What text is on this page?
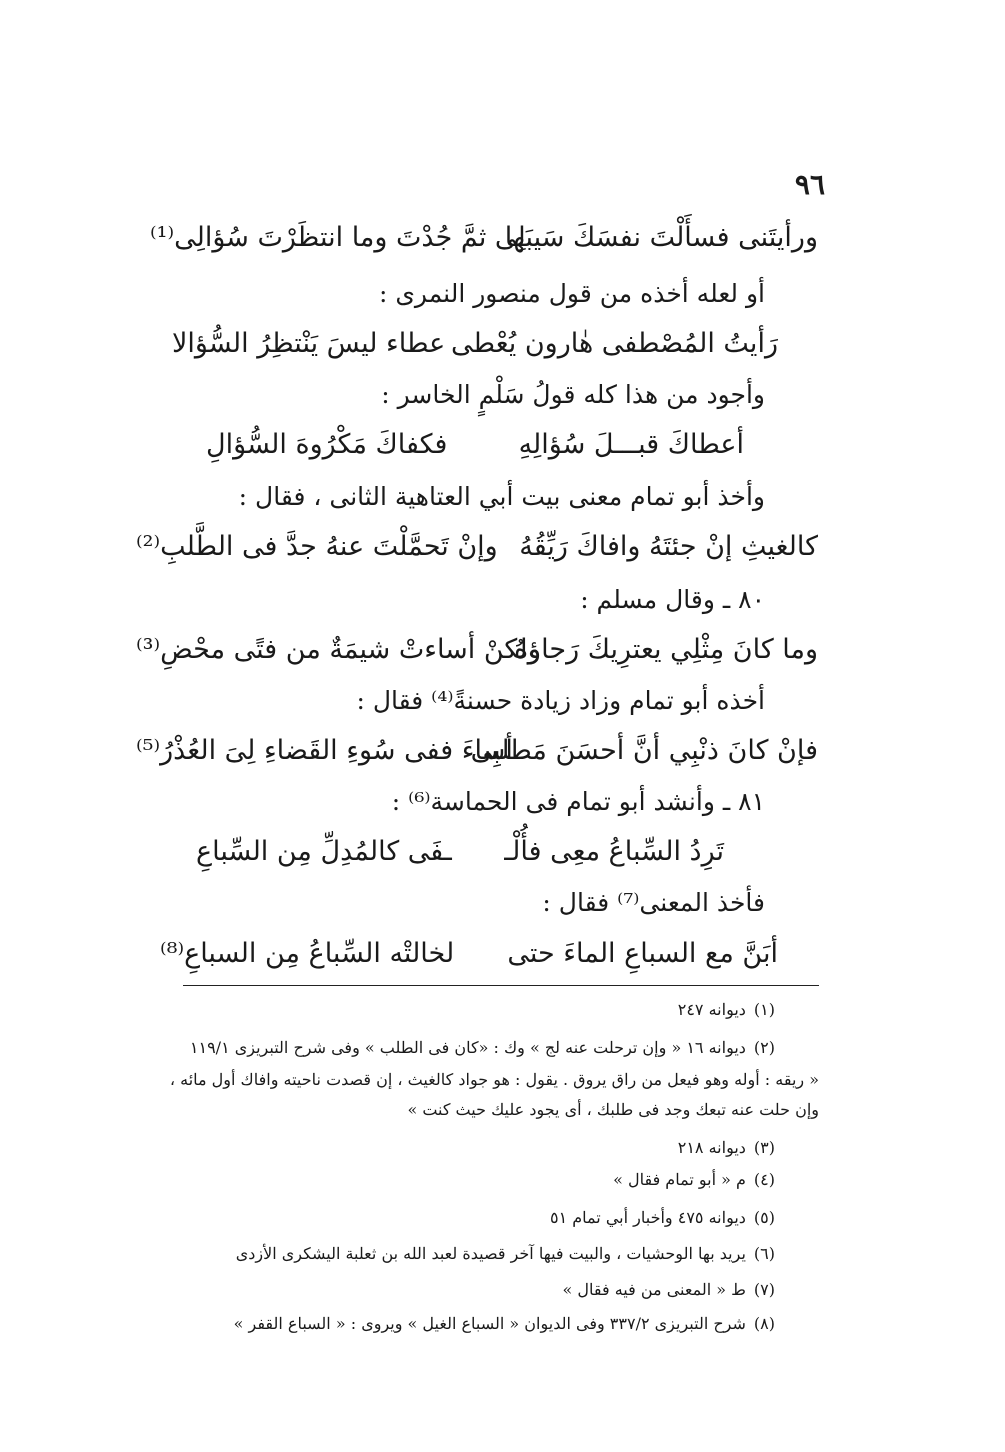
٩٦
ورأيتَنى فسأَلْتَ نفسَكَ سَيبَها
لِى ثمَّ جُدْتَ وما انتظَرْتَ سُؤالِى⁽¹⁾
أو لعله أخذه من قول منصور النمرى :
رَأيتُ المُصْطفى هٰارون يُعْطى
عطاء ليسَ يَنْتظِرُ السُّؤالا
وأجود من هذا كله قولُ سَلْمٍ الخاسر :
أعطاكَ قبـــلَ سُؤالِهِ
فكفاكَ مَكْرُوهَ السُّؤالِ
وأخذ أبو تمام معنى بيت أبي العتاهية الثانى ، فقال :
كالغيثِ إنْ جئتَهُ وافاكَ رَيِّقُهُ
وإنْ تَحمَّلْتَ عنهُ جدَّ فى الطَّلبِ⁽²⁾
٨٠ ـ وقال مسلم :
وما كانَ مِثْلِي يعترِيكَ رَجاؤهُ
ولكنْ أساءتْ شيمَةٌ من فتًى محْضِ⁽³⁾
أخذه أبو تمام وزاد زيادة حسنةً⁽⁴⁾ فقال :
فإنْ كانَ ذنْبِي أنَّ أحسَنَ مَطلبِى
أساءَ ففى سُوءِ القَضاءِ لِىَ العُذْرُ⁽⁵⁾
٨١ ـ وأنشد أبو تمام فى الحماسة⁽⁶⁾ :
تَرِدُ السِّباعُ معِى فأُلْـ
ـفَى كالمُدِلِّ مِن السِّباعِ
فأخذ المعنى⁽⁷⁾ فقال :
أبَنَّ مع السباعِ الماءَ حتى
لخالتْه السِّباعُ مِن السباعِ⁽⁸⁾
(١)ديوانه ٢٤٧
(٢)ديوانه ١٦ « وإن ترحلت عنه لج » وك : «كان فى الطلب » وفى شرح التبريزى ١١٩/١
« ريقه : أوله وهو فيعل من راق يروق . يقول : هو جواد كالغيث ، إن قصدت ناحيته وافاك أول مائه ،
وإن حلت عنه تبعك وجد فى طلبك ، أى يجود عليك حيث كنت »
(٣)ديوانه ٢١٨
(٤)م « أبو تمام فقال »
(٥)ديوانه ٤٧٥ وأخبار أبي تمام ٥١
(٦)يريد بها الوحشيات ، والبيت فيها آخر قصيدة لعبد الله بن ثعلبة اليشكرى الأزدى
(٧)ط « المعنى من فيه فقال »
(٨)شرح التبريزى ٣٣٧/٢ وفى الديوان « السباع الغيل » ويروى : « السباع القفر »
